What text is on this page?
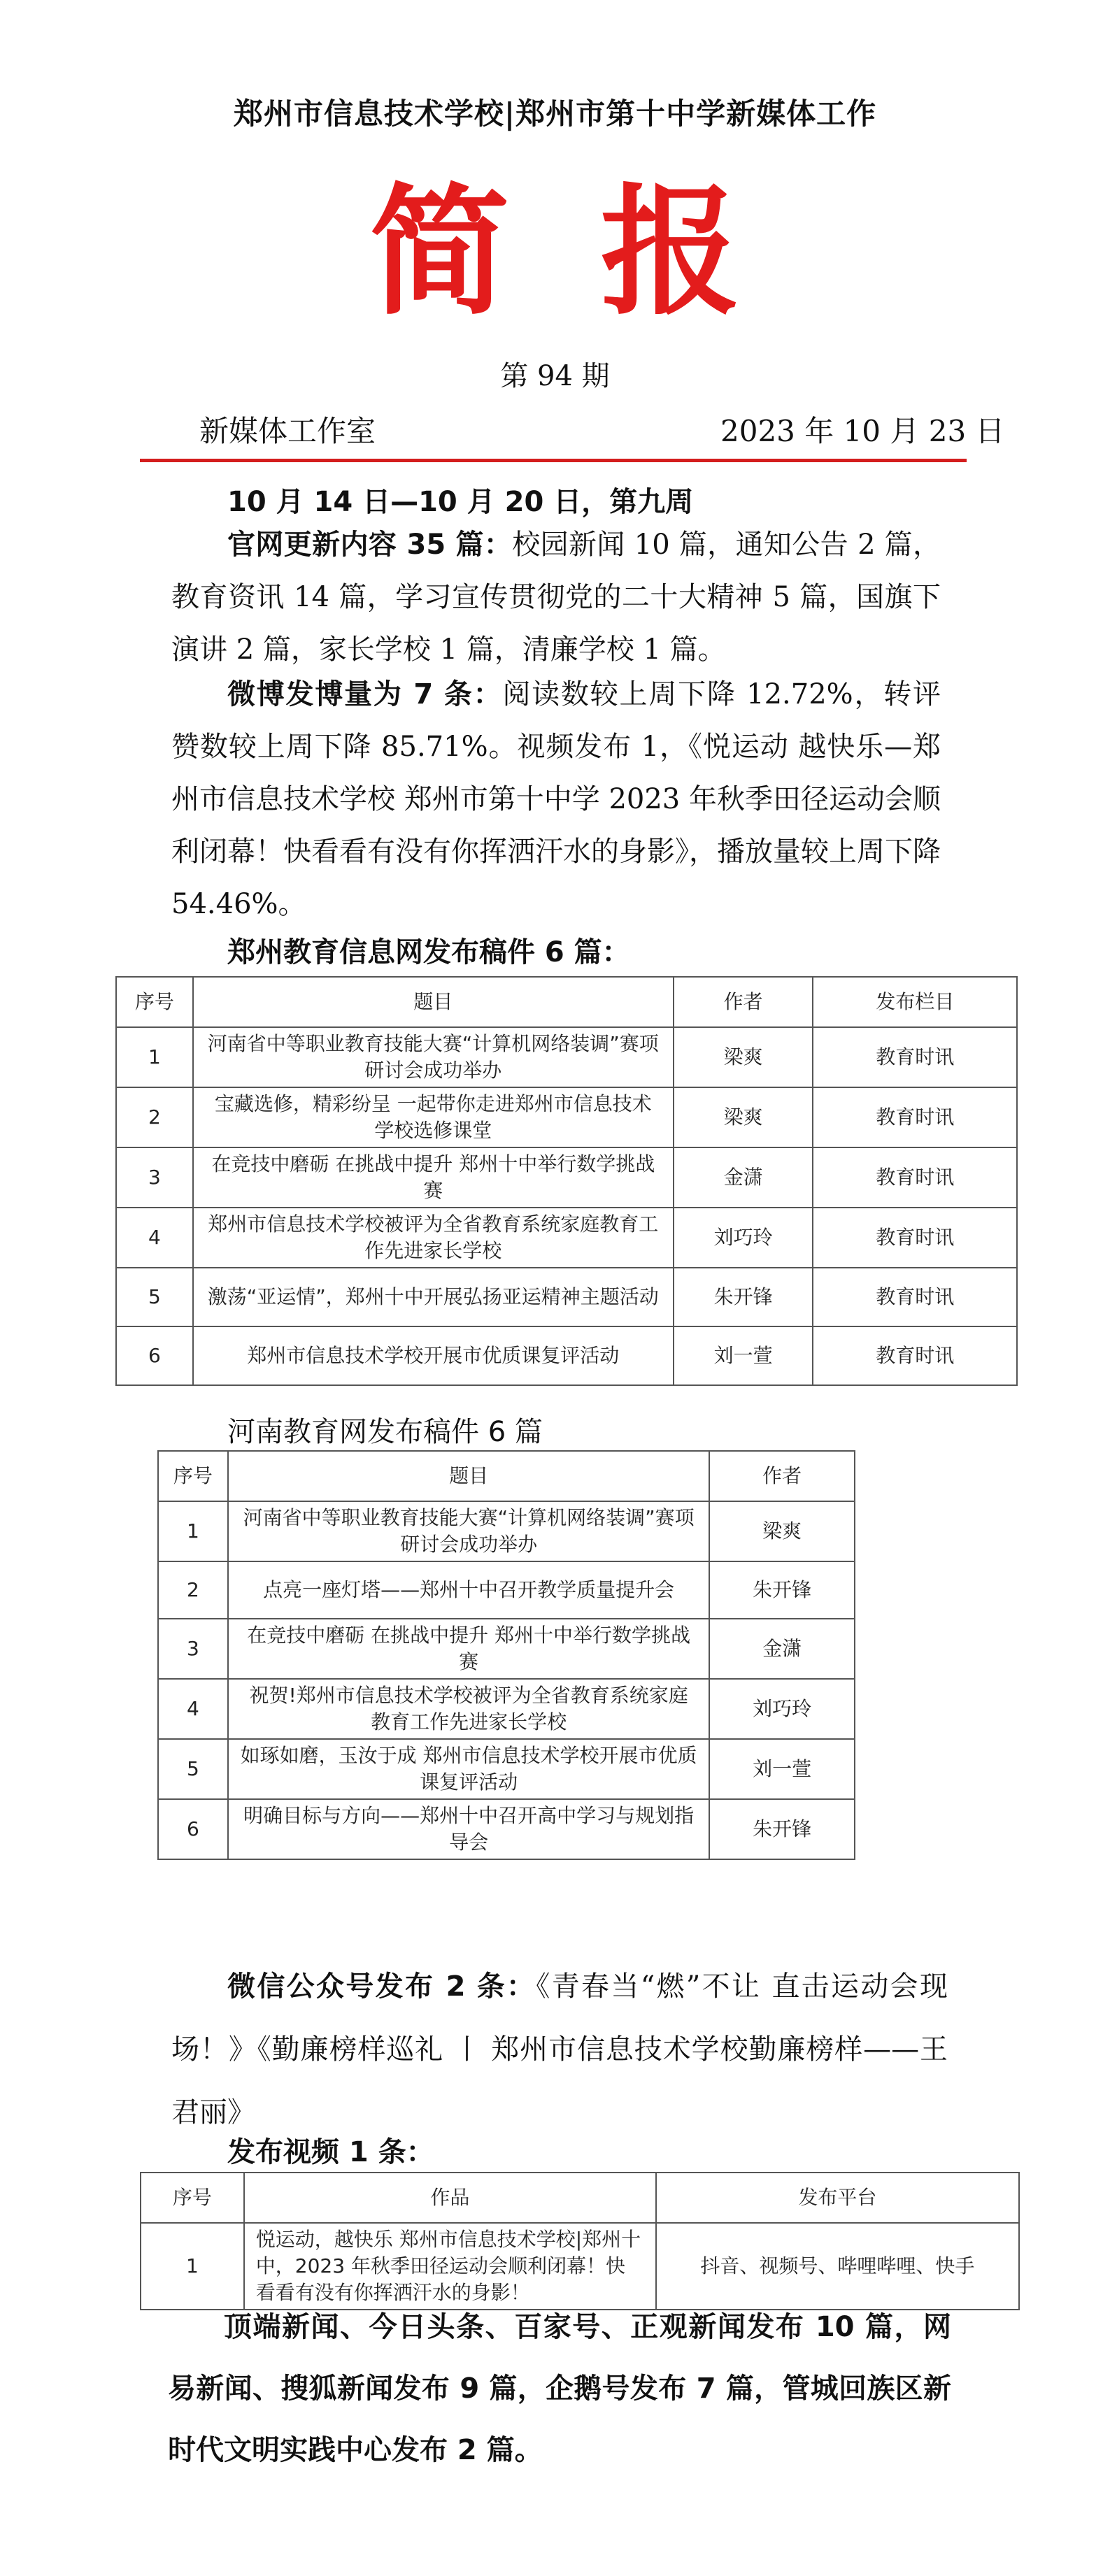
郑州市信息技术学校|郑州市第十中学新媒体工作
简报
第 94 期
新媒体工作室	2023 年 10 月 23 日
10 月 14 日—10 月 20 日，第九周
官网更新内容 35 篇：校园新闻 10 篇，通知公告 2 篇，教育资讯 14 篇，学习宣传贯彻党的二十大精神 5 篇，国旗下演讲 2 篇，家长学校 1 篇，清廉学校 1 篇。
微博发博量为 7 条：阅读数较上周下降 12.72%，转评赞数较上周下降 85.71%。视频发布 1，《悦运动 越快乐—郑州市信息技术学校 郑州市第十中学 2023 年秋季田径运动会顺利闭幕！快看看有没有你挥洒汗水的身影》，播放量较上周下降 54.46%。
郑州教育信息网发布稿件 6 篇：
序号	题目	作者	发布栏目
1	河南省中等职业教育技能大赛“计算机网络装调”赛项研讨会成功举办	梁爽	教育时讯
2	宝藏选修，精彩纷呈 一起带你走进郑州市信息技术学校选修课堂	梁爽	教育时讯
3	在竞技中磨砺 在挑战中提升 郑州十中举行数学挑战赛	金潇	教育时讯
4	郑州市信息技术学校被评为全省教育系统家庭教育工作先进家长学校	刘巧玲	教育时讯
5	激荡“亚运情”，郑州十中开展弘扬亚运精神主题活动	朱开锋	教育时讯
6	郑州市信息技术学校开展市优质课复评活动	刘一萱	教育时讯
河南教育网发布稿件 6 篇
序号	题目	作者
1	河南省中等职业教育技能大赛“计算机网络装调”赛项研讨会成功举办	梁爽
2	点亮一座灯塔——郑州十中召开教学质量提升会	朱开锋
3	在竞技中磨砺 在挑战中提升 郑州十中举行数学挑战赛	金潇
4	祝贺!郑州市信息技术学校被评为全省教育系统家庭教育工作先进家长学校	刘巧玲
5	如琢如磨，玉汝于成 郑州市信息技术学校开展市优质课复评活动	刘一萱
6	明确目标与方向——郑州十中召开高中学习与规划指导会	朱开锋
微信公众号发布 2 条：《青春当“燃”不让 直击运动会现场！》《勤廉榜样巡礼 丨 郑州市信息技术学校勤廉榜样——王君丽》
发布视频 1 条：
序号	作品	发布平台
1	悦运动，越快乐 郑州市信息技术学校|郑州十中，2023 年秋季田径运动会顺利闭幕！快看看有没有你挥洒汗水的身影！	抖音、视频号、哔哩哔哩、快手
顶端新闻、今日头条、百家号、正观新闻发布 10 篇，网易新闻、搜狐新闻发布 9 篇，企鹅号发布 7 篇，管城回族区新时代文明实践中心发布 2 篇。
